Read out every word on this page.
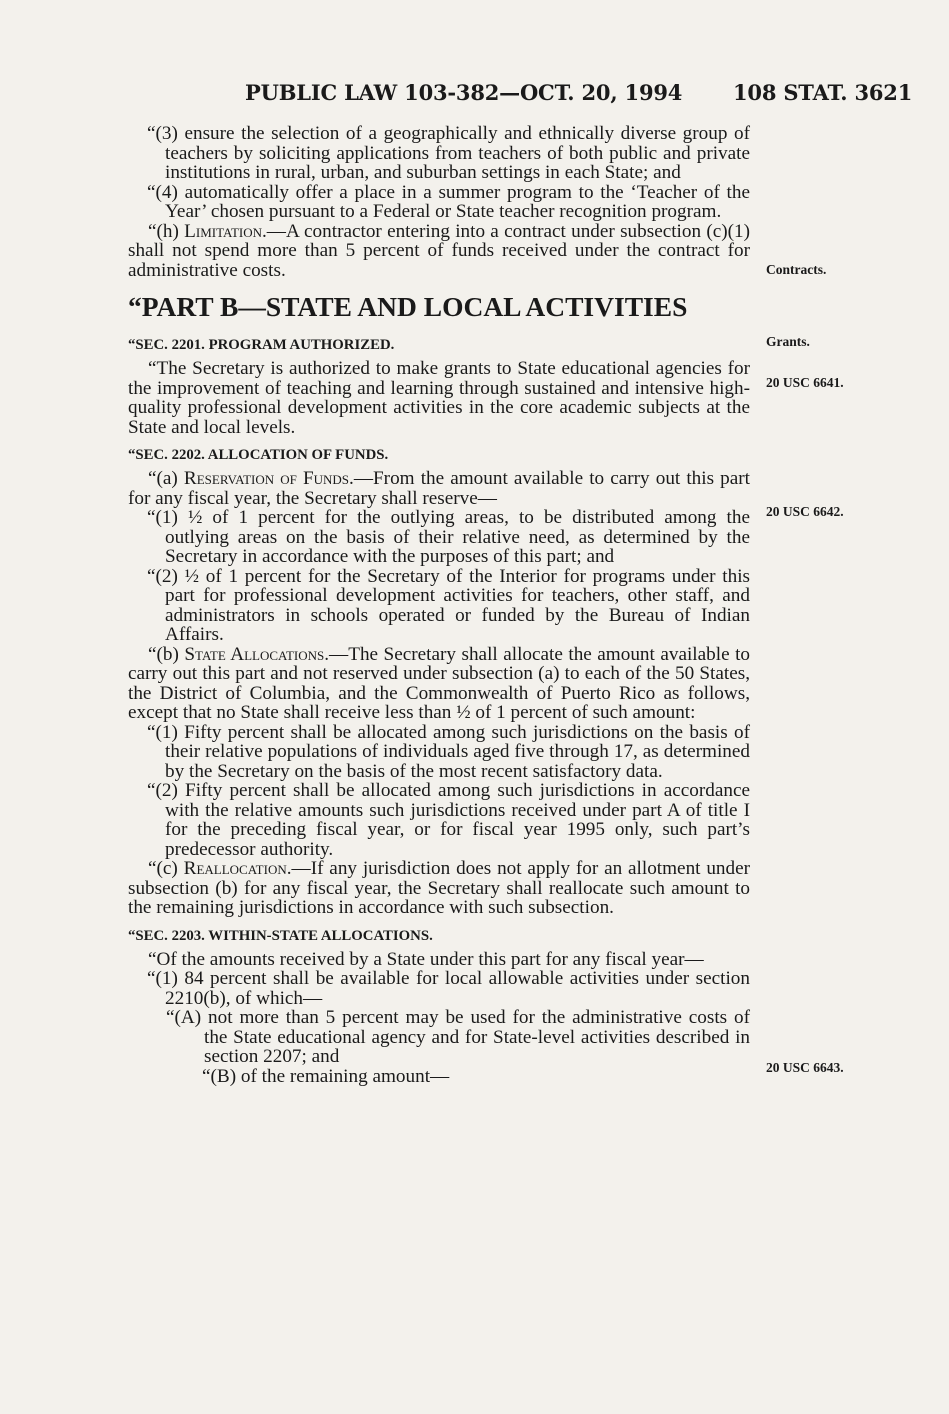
PUBLIC LAW 103-382—OCT. 20, 1994 108 STAT. 3621

“(3) ensure the selection of a geographically and ethnically diverse group of teachers by soliciting applications from teachers of both public and private institutions in rural, urban, and suburban settings in each State; and

“(4) automatically offer a place in a summer program to the ‘Teacher of the Year’ chosen pursuant to a Federal or State teacher recognition program.

“(h) Limitation.—A contractor entering into a contract under subsection (c)(1) shall not spend more than 5 percent of funds received under the contract for administrative costs.

“PART B—STATE AND LOCAL ACTIVITIES

“SEC. 2201. PROGRAM AUTHORIZED.

“The Secretary is authorized to make grants to State educational agencies for the improvement of teaching and learning through sustained and intensive high-quality professional development activities in the core academic subjects at the State and local levels.

“SEC. 2202. ALLOCATION OF FUNDS.

“(a) Reservation of Funds.—From the amount available to carry out this part for any fiscal year, the Secretary shall reserve—

“(1) ½ of 1 percent for the outlying areas, to be distributed among the outlying areas on the basis of their relative need, as determined by the Secretary in accordance with the purposes of this part; and

“(2) ½ of 1 percent for the Secretary of the Interior for programs under this part for professional development activities for teachers, other staff, and administrators in schools operated or funded by the Bureau of Indian Affairs.

“(b) State Allocations.—The Secretary shall allocate the amount available to carry out this part and not reserved under subsection (a) to each of the 50 States, the District of Columbia, and the Commonwealth of Puerto Rico as follows, except that no State shall receive less than ½ of 1 percent of such amount:

“(1) Fifty percent shall be allocated among such jurisdictions on the basis of their relative populations of individuals aged five through 17, as determined by the Secretary on the basis of the most recent satisfactory data.

“(2) Fifty percent shall be allocated among such jurisdictions in accordance with the relative amounts such jurisdictions received under part A of title I for the preceding fiscal year, or for fiscal year 1995 only, such part’s predecessor authority.

“(c) Reallocation.—If any jurisdiction does not apply for an allotment under subsection (b) for any fiscal year, the Secretary shall reallocate such amount to the remaining jurisdictions in accordance with such subsection.

“SEC. 2203. WITHIN-STATE ALLOCATIONS.

“Of the amounts received by a State under this part for any fiscal year—

“(1) 84 percent shall be available for local allowable activities under section 2210(b), of which—

“(A) not more than 5 percent may be used for the administrative costs of the State educational agency and for State-level activities described in section 2207; and

“(B) of the remaining amount—

Contracts.
Grants.
20 USC 6641.
20 USC 6642.
20 USC 6643.
